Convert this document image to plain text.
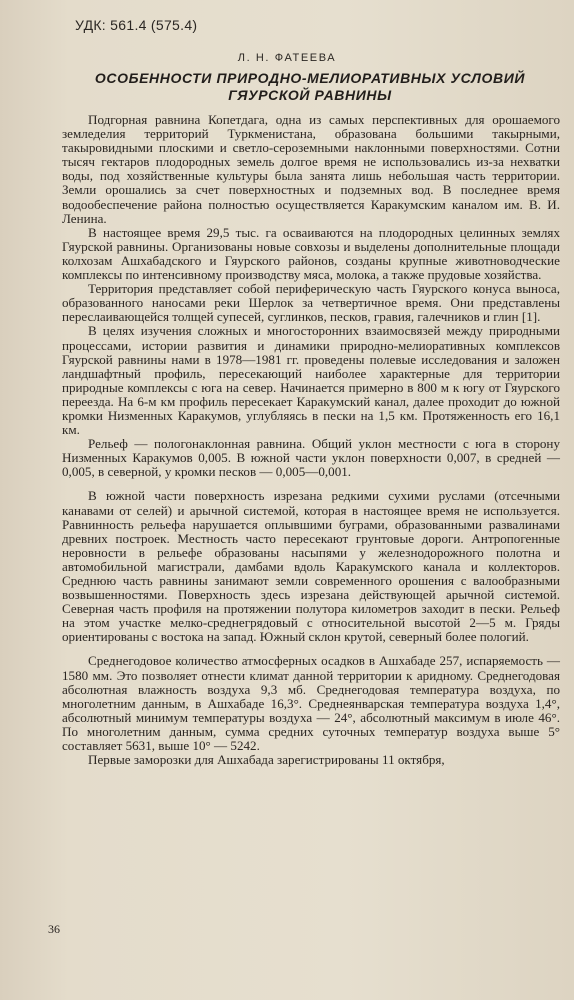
УДК: 561.4 (575.4)
Л. Н. ФАТЕЕВА
ОСОБЕННОСТИ ПРИРОДНО-МЕЛИОРАТИВНЫХ УСЛОВИЙ
ГЯУРСКОЙ РАВНИНЫ

Подгорная равнина Копетдага, одна из самых перспективных для орошаемого земледелия территорий Туркменистана, образована большими такырными, такыровидными плоскими и светло-сероземными наклонными поверхностями. Сотни тысяч гектаров плодородных земель долгое время не использовались из-за нехватки воды, под хозяйственные культуры была занята лишь небольшая часть территории. Земли орошались за счет поверхностных и подземных вод. В последнее время водообеспечение района полностью осуществляется Каракумским каналом им. В. И. Ленина.

В настоящее время 29,5 тыс. га осваиваются на плодородных целинных землях Гяурской равнины. Организованы новые совхозы и выделены дополнительные площади колхозам Ашхабадского и Гяурского районов, созданы крупные животноводческие комплексы по интенсивному производству мяса, молока, а также прудовые хозяйства.

Территория представляет собой периферическую часть Гяурского конуса выноса, образованного наносами реки Шерлок за четвертичное время. Они представлены переслаивающейся толщей супесей, суглинков, песков, гравия, галечников и глин [1].

В целях изучения сложных и многосторонних взаимосвязей между природными процессами, истории развития и динамики природно-мелиоративных комплексов Гяурской равнины нами в 1978—1981 гг. проведены полевые исследования и заложен ландшафтный профиль, пересекающий наиболее характерные для территории природные комплексы с юга на север. Начинается примерно в 800 м к югу от Гяурского переезда. На 6-м км профиль пересекает Каракумский канал, далее проходит до южной кромки Низменных Каракумов, углубляясь в пески на 1,5 км. Протяженность его 16,1 км.

Рельеф — пологонаклонная равнина. Общий уклон местности с юга в сторону Низменных Каракумов 0,005. В южной части уклон поверхности 0,007, в средней — 0,005, в северной, у кромки песков — 0,005—0,001.

В южной части поверхность изрезана редкими сухими руслами (отсечными канавами от селей) и арычной системой, которая в настоящее время не используется. Равнинность рельефа нарушается оплывшими буграми, образованными развалинами древних построек. Местность часто пересекают грунтовые дороги. Антропогенные неровности в рельефе образованы насыпями у железнодорожного полотна и автомобильной магистрали, дамбами вдоль Каракумского канала и коллекторов. Среднюю часть равнины занимают земли современного орошения с валообразными возвышенностями. Поверхность здесь изрезана действующей арычной системой. Северная часть профиля на протяжении полутора километров заходит в пески. Рельеф на этом участке мелко-среднегрядовый с относительной высотой 2—5 м. Гряды ориентированы с востока на запад. Южный склон крутой, северный более пологий.

Среднегодовое количество атмосферных осадков в Ашхабаде 257, испаряемость — 1580 мм. Это позволяет отнести климат данной территории к аридному. Среднегодовая абсолютная влажность воздуха 9,3 мб. Среднегодовая температура воздуха, по многолетним данным, в Ашхабаде 16,3°. Среднеянварская температура воздуха 1,4°, абсолютный минимум температуры воздуха — 24°, абсолютный максимум в июле 46°. По многолетним данным, сумма средних суточных температур воздуха выше 5° составляет 5631, выше 10° — 5242.

Первые заморозки для Ашхабада зарегистрированы 11 октября,

36
